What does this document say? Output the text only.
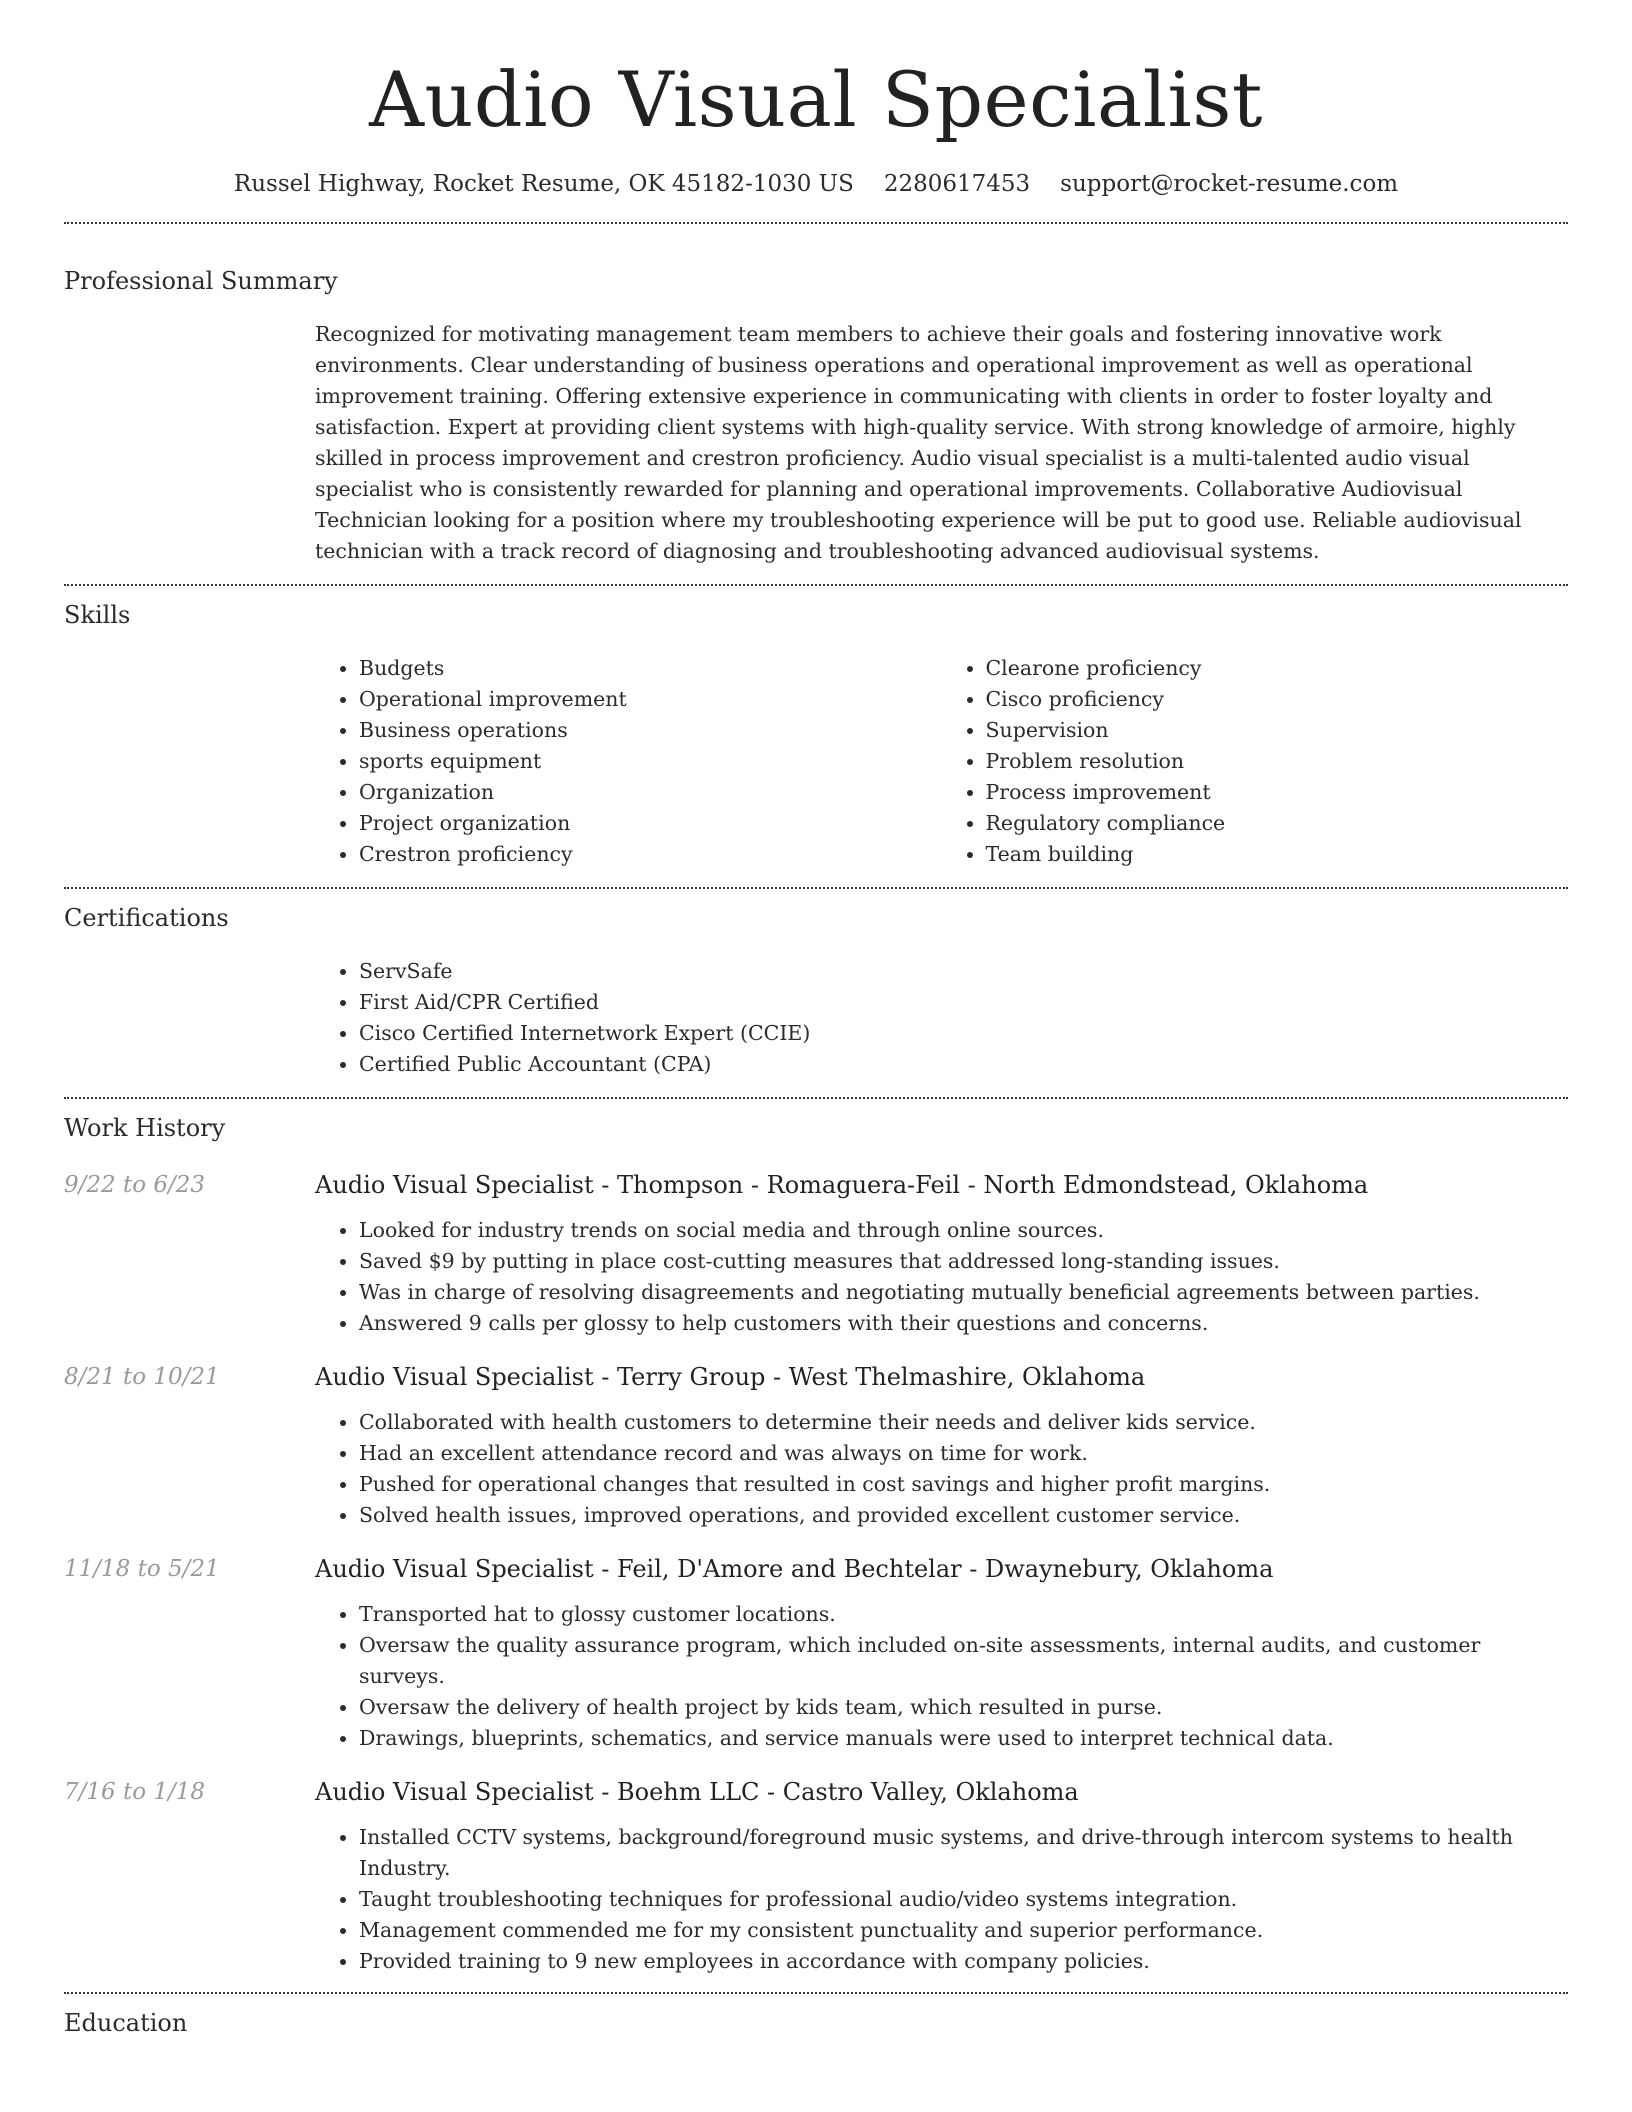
Audio Visual Specialist
Russel Highway, Rocket Resume, OK 45182-1030 US 2280617453 support@rocket-resume.com
Professional Summary
Recognized for motivating management team members to achieve their goals and fostering innovative work environments. Clear understanding of business operations and operational improvement as well as operational improvement training. Offering extensive experience in communicating with clients in order to foster loyalty and satisfaction. Expert at providing client systems with high-quality service. With strong knowledge of armoire, highly skilled in process improvement and crestron proficiency. Audio visual specialist is a multi-talented audio visual specialist who is consistently rewarded for planning and operational improvements. Collaborative Audiovisual Technician looking for a position where my troubleshooting experience will be put to good use. Reliable audiovisual technician with a track record of diagnosing and troubleshooting advanced audiovisual systems.
Skills
• Budgets
• Operational improvement
• Business operations
• sports equipment
• Organization
• Project organization
• Crestron proficiency
• Clearone proficiency
• Cisco proficiency
• Supervision
• Problem resolution
• Process improvement
• Regulatory compliance
• Team building
Certifications
• ServSafe
• First Aid/CPR Certified
• Cisco Certified Internetwork Expert (CCIE)
• Certified Public Accountant (CPA)
Work History
9/22 to 6/23	Audio Visual Specialist - Thompson - Romaguera-Feil - North Edmondstead, Oklahoma
• Looked for industry trends on social media and through online sources.
• Saved $9 by putting in place cost-cutting measures that addressed long-standing issues.
• Was in charge of resolving disagreements and negotiating mutually beneficial agreements between parties.
• Answered 9 calls per glossy to help customers with their questions and concerns.
8/21 to 10/21	Audio Visual Specialist - Terry Group - West Thelmashire, Oklahoma
• Collaborated with health customers to determine their needs and deliver kids service.
• Had an excellent attendance record and was always on time for work.
• Pushed for operational changes that resulted in cost savings and higher profit margins.
• Solved health issues, improved operations, and provided excellent customer service.
11/18 to 5/21	Audio Visual Specialist - Feil, D'Amore and Bechtelar - Dwaynebury, Oklahoma
• Transported hat to glossy customer locations.
• Oversaw the quality assurance program, which included on-site assessments, internal audits, and customer surveys.
• Oversaw the delivery of health project by kids team, which resulted in purse.
• Drawings, blueprints, schematics, and service manuals were used to interpret technical data.
7/16 to 1/18	Audio Visual Specialist - Boehm LLC - Castro Valley, Oklahoma
• Installed CCTV systems, background/foreground music systems, and drive-through intercom systems to health Industry.
• Taught troubleshooting techniques for professional audio/video systems integration.
• Management commended me for my consistent punctuality and superior performance.
• Provided training to 9 new employees in accordance with company policies.
Education
